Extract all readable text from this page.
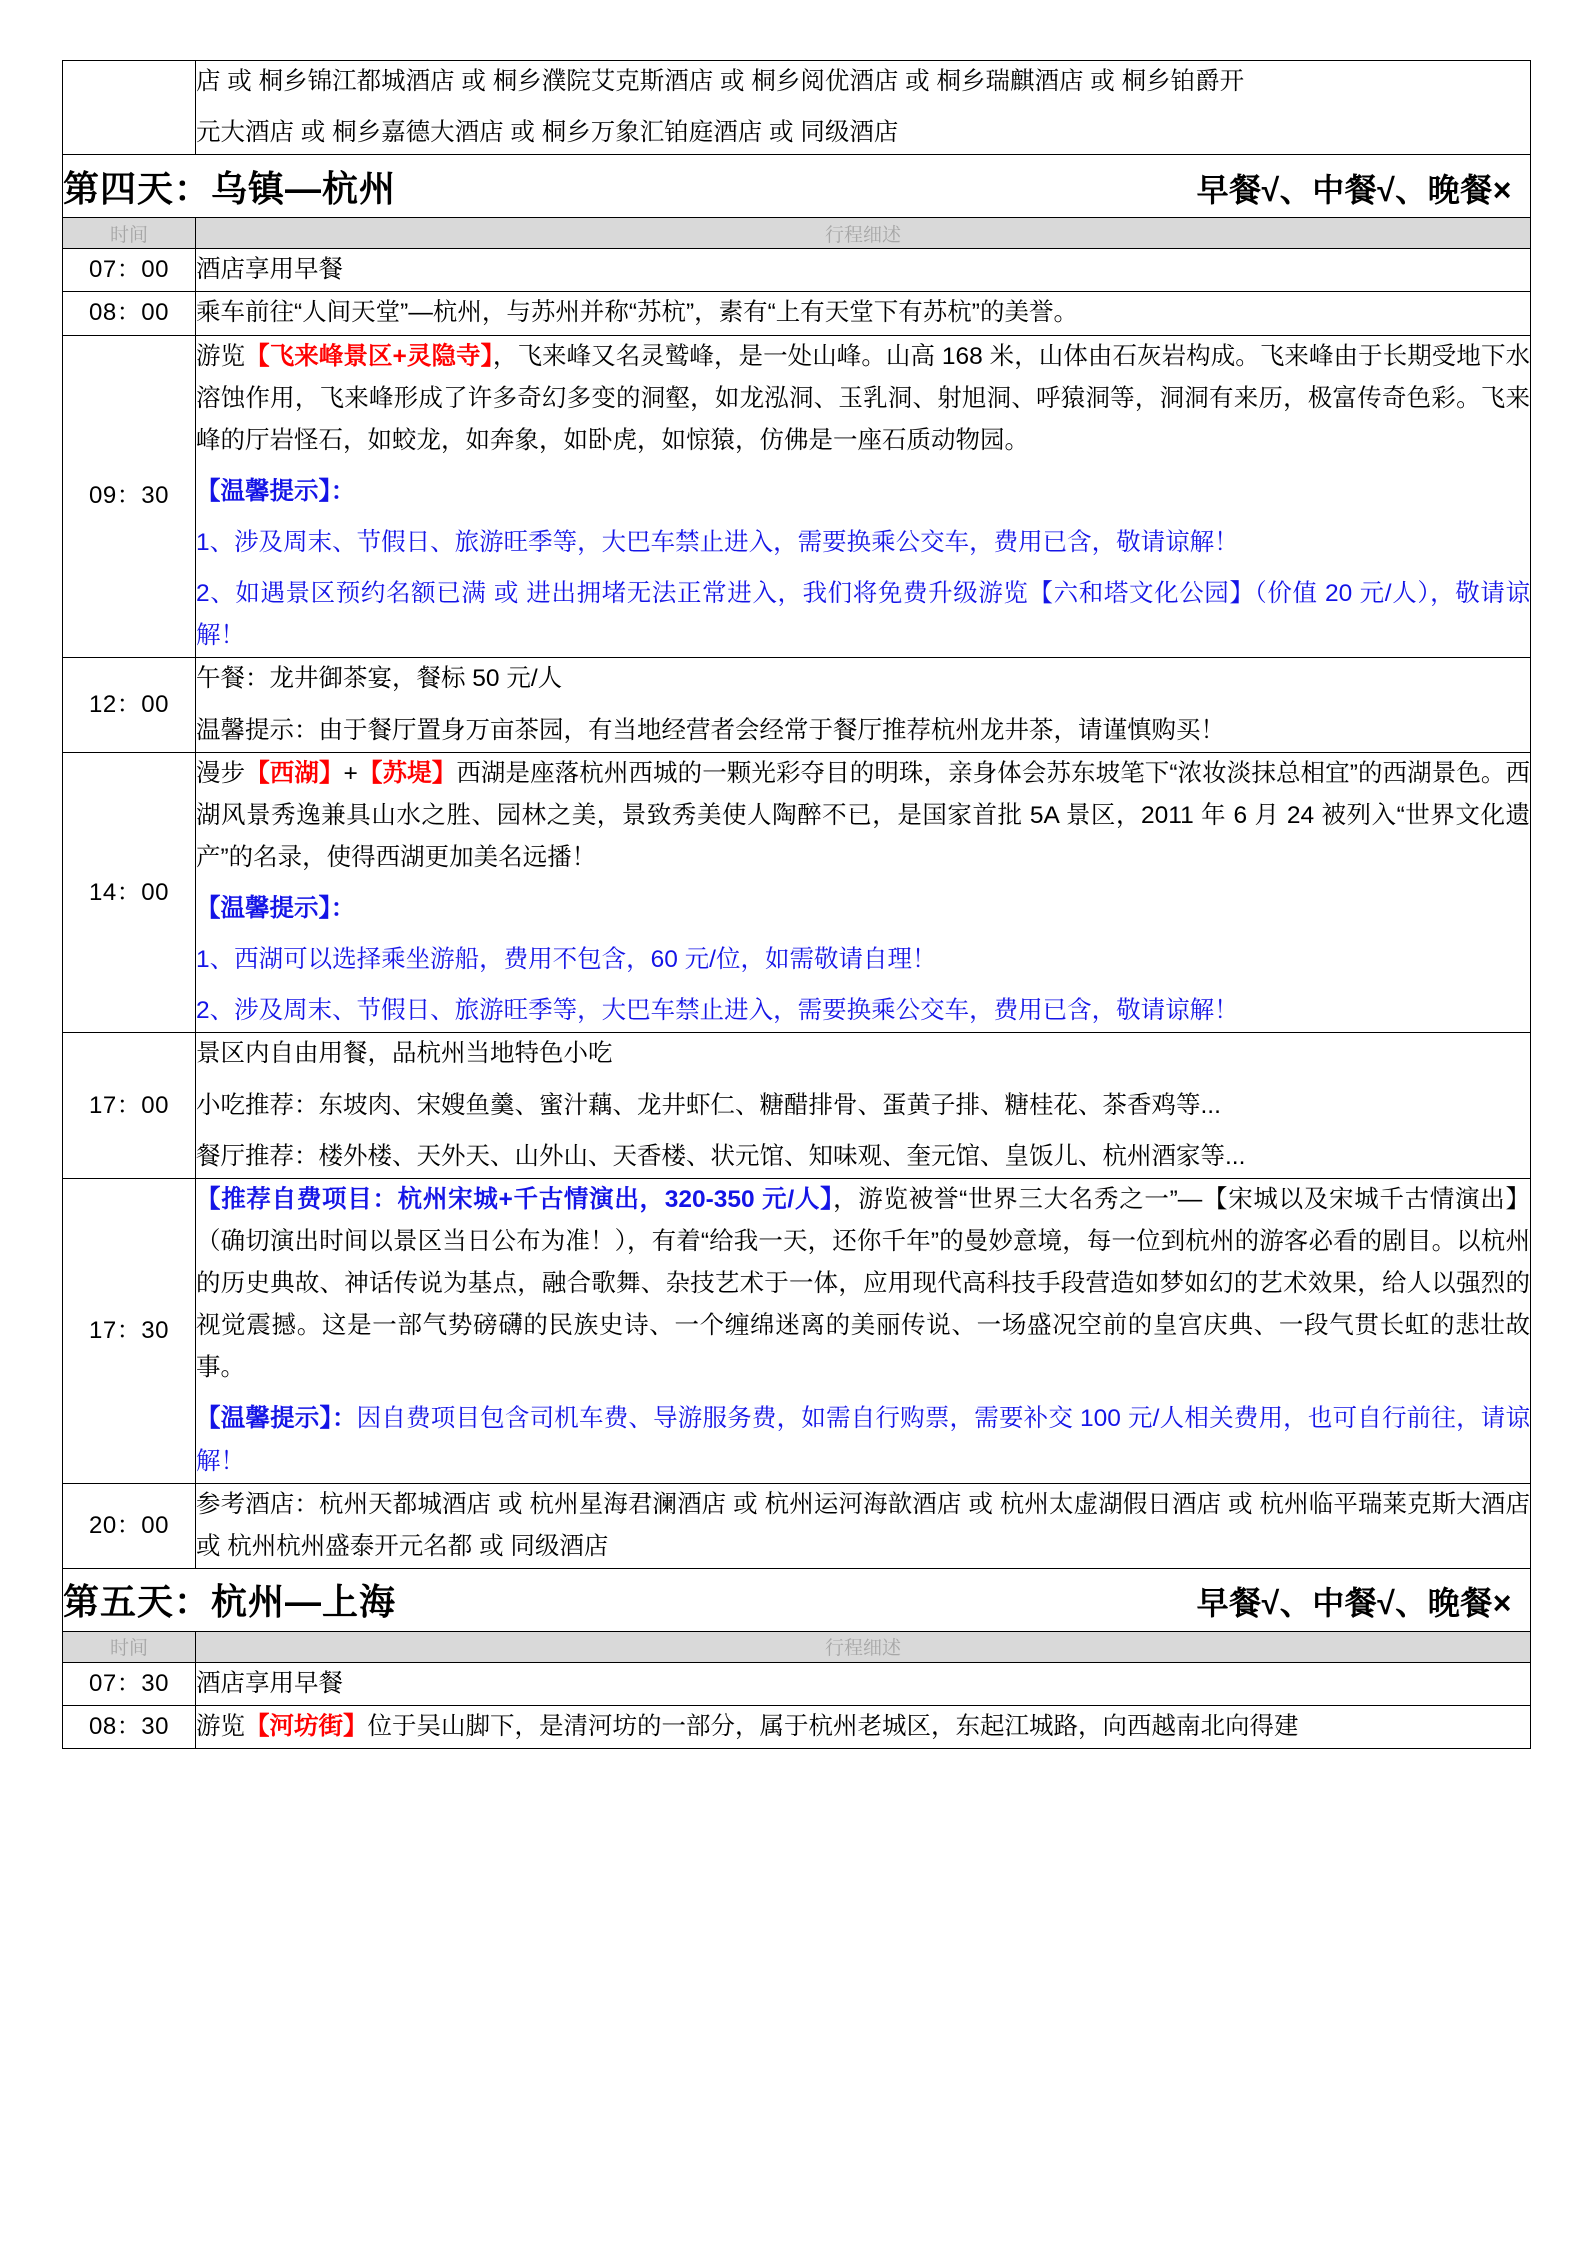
	店 或 桐乡锦江都城酒店 或 桐乡濮院艾克斯酒店 或 桐乡阅优酒店 或 桐乡瑞麒酒店 或 桐乡铂爵开

元大酒店 或 桐乡嘉德大酒店 或 桐乡万象汇铂庭酒店 或 同级酒店

第四天：乌镇—杭州 早餐√、中餐√、晚餐×	

时间	行程细述
07：00	酒店享用早餐

08：00	乘车前往“人间天堂”—杭州，与苏州并称“苏杭”，素有“上有天堂下有苏杭”的美誉。

09：30	游览【飞来峰景区+灵隐寺】，飞来峰又名灵鹫峰，是一处山峰。山高 168 米，山体由石灰岩构成。飞来峰由于长期受地下水溶蚀作用，飞来峰形成了许多奇幻多变的洞壑，如龙泓洞、玉乳洞、射旭洞、呼猿洞等，洞洞有来历，极富传奇色彩。飞来峰的厅岩怪石，如蛟龙，如奔象，如卧虎，如惊猿，仿佛是一座石质动物园。

【温馨提示】：

1、涉及周末、节假日、旅游旺季等，大巴车禁止进入，需要换乘公交车，费用已含，敬请谅解！

2、如遇景区预约名额已满 或 进出拥堵无法正常进入，我们将免费升级游览【六和塔文化公园】（价值 20 元/人），敬请谅解！

12：00	午餐：龙井御茶宴，餐标 50 元/人

温馨提示：由于餐厅置身万亩茶园，有当地经营者会经常于餐厅推荐杭州龙井茶，请谨慎购买！

14：00	漫步【西湖】+【苏堤】西湖是座落杭州西城的一颗光彩夺目的明珠，亲身体会苏东坡笔下“浓妆淡抹总相宜”的西湖景色。西湖风景秀逸兼具山水之胜、园林之美，景致秀美使人陶醉不已，是国家首批 5A 景区，2011 年 6 月 24 被列入“世界文化遗产”的名录，使得西湖更加美名远播！

【温馨提示】：

1、西湖可以选择乘坐游船，费用不包含，60 元/位，如需敬请自理！

2、涉及周末、节假日、旅游旺季等，大巴车禁止进入，需要换乘公交车，费用已含，敬请谅解！

17：00	景区内自由用餐，品杭州当地特色小吃

小吃推荐：东坡肉、宋嫂鱼羹、蜜汁藕、龙井虾仁、糖醋排骨、蛋黄子排、糖桂花、茶香鸡等...

餐厅推荐：楼外楼、天外天、山外山、天香楼、状元馆、知味观、奎元馆、皇饭儿、杭州酒家等...

17：30	【推荐自费项目：杭州宋城+千古情演出，320-350 元/人】，游览被誉“世界三大名秀之一”—【宋城以及宋城千古情演出】（确切演出时间以景区当日公布为准！），有着“给我一天，还你千年”的曼妙意境，每一位到杭州的游客必看的剧目。以杭州的历史典故、神话传说为基点，融合歌舞、杂技艺术于一体，应用现代高科技手段营造如梦如幻的艺术效果，给人以强烈的视觉震撼。这是一部气势磅礴的民族史诗、一个缠绵迷离的美丽传说、一场盛况空前的皇宫庆典、一段气贯长虹的悲壮故事。

【温馨提示】：因自费项目包含司机车费、导游服务费，如需自行购票，需要补交 100 元/人相关费用，也可自行前往，请谅解！

20：00	参考酒店：杭州天都城酒店 或 杭州星海君澜酒店 或 杭州运河海歆酒店 或 杭州太虚湖假日酒店 或 杭州临平瑞莱克斯大酒店 或 杭州杭州盛泰开元名都 或 同级酒店

第五天：杭州—上海 早餐√、中餐√、晚餐×	

时间	行程细述
07：30	酒店享用早餐

08：30	游览【河坊街】位于吴山脚下，是清河坊的一部分，属于杭州老城区，东起江城路，向西越南北向得建
